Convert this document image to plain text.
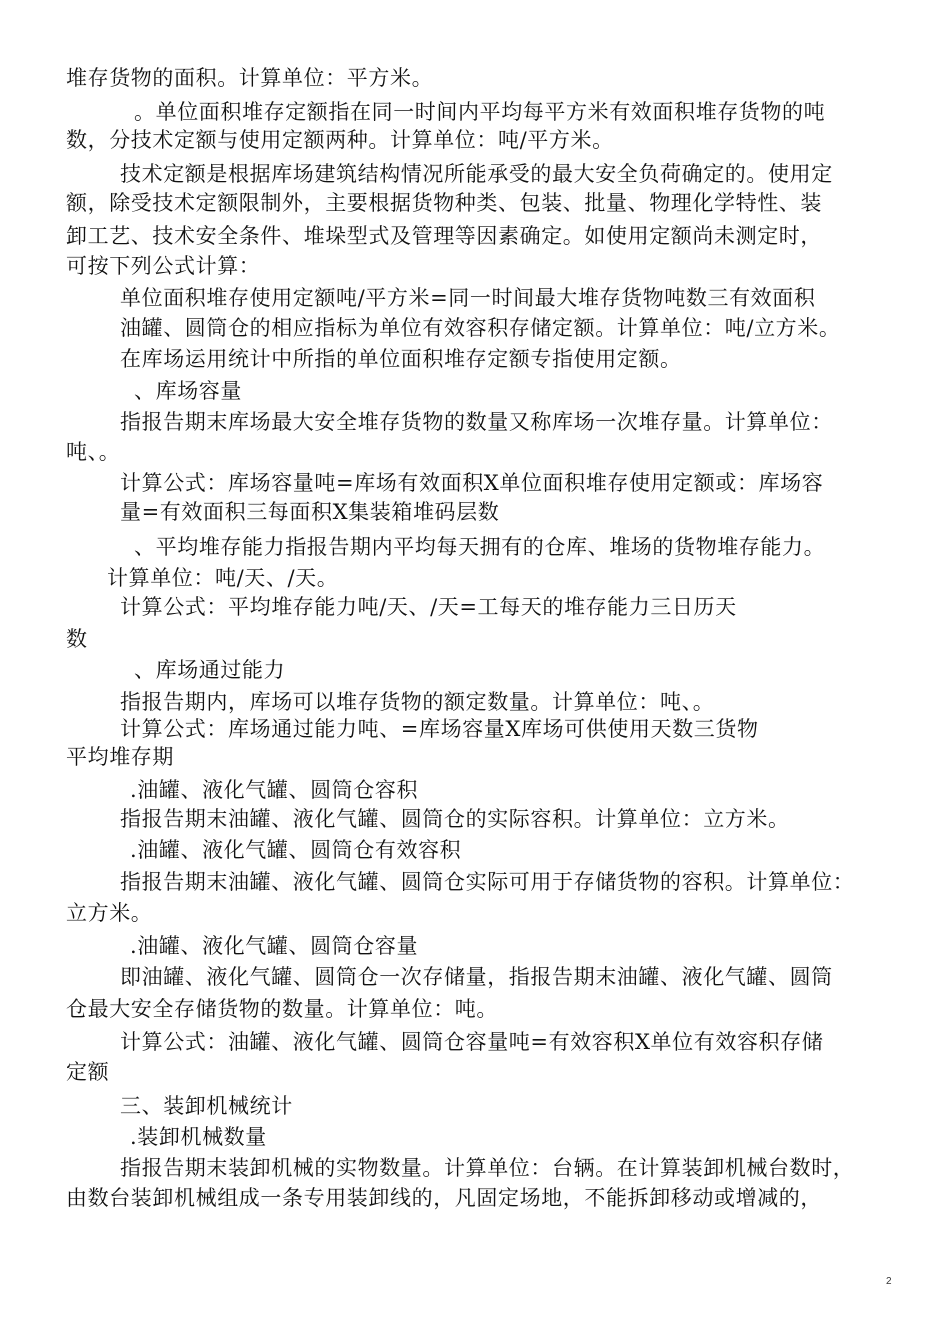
堆存货物的面积。计算单位：平方米。
。单位面积堆存定额指在同一时间内平均每平方米有效面积堆存货物的吨
数，分技术定额与使用定额两种。计算单位：吨/平方米。
技术定额是根据库场建筑结构情况所能承受的最大安全负荷确定的。使用定
额，除受技术定额限制外，主要根据货物种类、包装、批量、物理化学特性、装
卸工艺、技术安全条件、堆垛型式及管理等因素确定。如使用定额尚未测定时，
可按下列公式计算：
单位面积堆存使用定额吨/平方米=同一时间最大堆存货物吨数三有效面积
油罐、圆筒仓的相应指标为单位有效容积存储定额。计算单位：吨/立方米。
在库场运用统计中所指的单位面积堆存定额专指使用定额。
、库场容量
指报告期末库场最大安全堆存货物的数量又称库场一次堆存量。计算单位：
吨、。
计算公式：库场容量吨=库场有效面积X单位面积堆存使用定额或：库场容
量=有效面积三每面积X集装箱堆码层数
、平均堆存能力指报告期内平均每天拥有的仓库、堆场的货物堆存能力。
计算单位：吨/天、/天。
计算公式：平均堆存能力吨/天、/天=工每天的堆存能力三日历天
数
、库场通过能力
指报告期内，库场可以堆存货物的额定数量。计算单位：吨、。
计算公式：库场通过能力吨、=库场容量X库场可供使用天数三货物
平均堆存期
.油罐、液化气罐、圆筒仓容积
指报告期末油罐、液化气罐、圆筒仓的实际容积。计算单位：立方米。
.油罐、液化气罐、圆筒仓有效容积
指报告期末油罐、液化气罐、圆筒仓实际可用于存储货物的容积。计算单位：
立方米。
.油罐、液化气罐、圆筒仓容量
即油罐、液化气罐、圆筒仓一次存储量，指报告期末油罐、液化气罐、圆筒
仓最大安全存储货物的数量。计算单位：吨。
计算公式：油罐、液化气罐、圆筒仓容量吨=有效容积X单位有效容积存储
定额
三、装卸机械统计
.装卸机械数量
指报告期末装卸机械的实物数量。计算单位：台辆。在计算装卸机械台数时，
由数台装卸机械组成一条专用装卸线的，凡固定场地，不能拆卸移动或增减的，
2
